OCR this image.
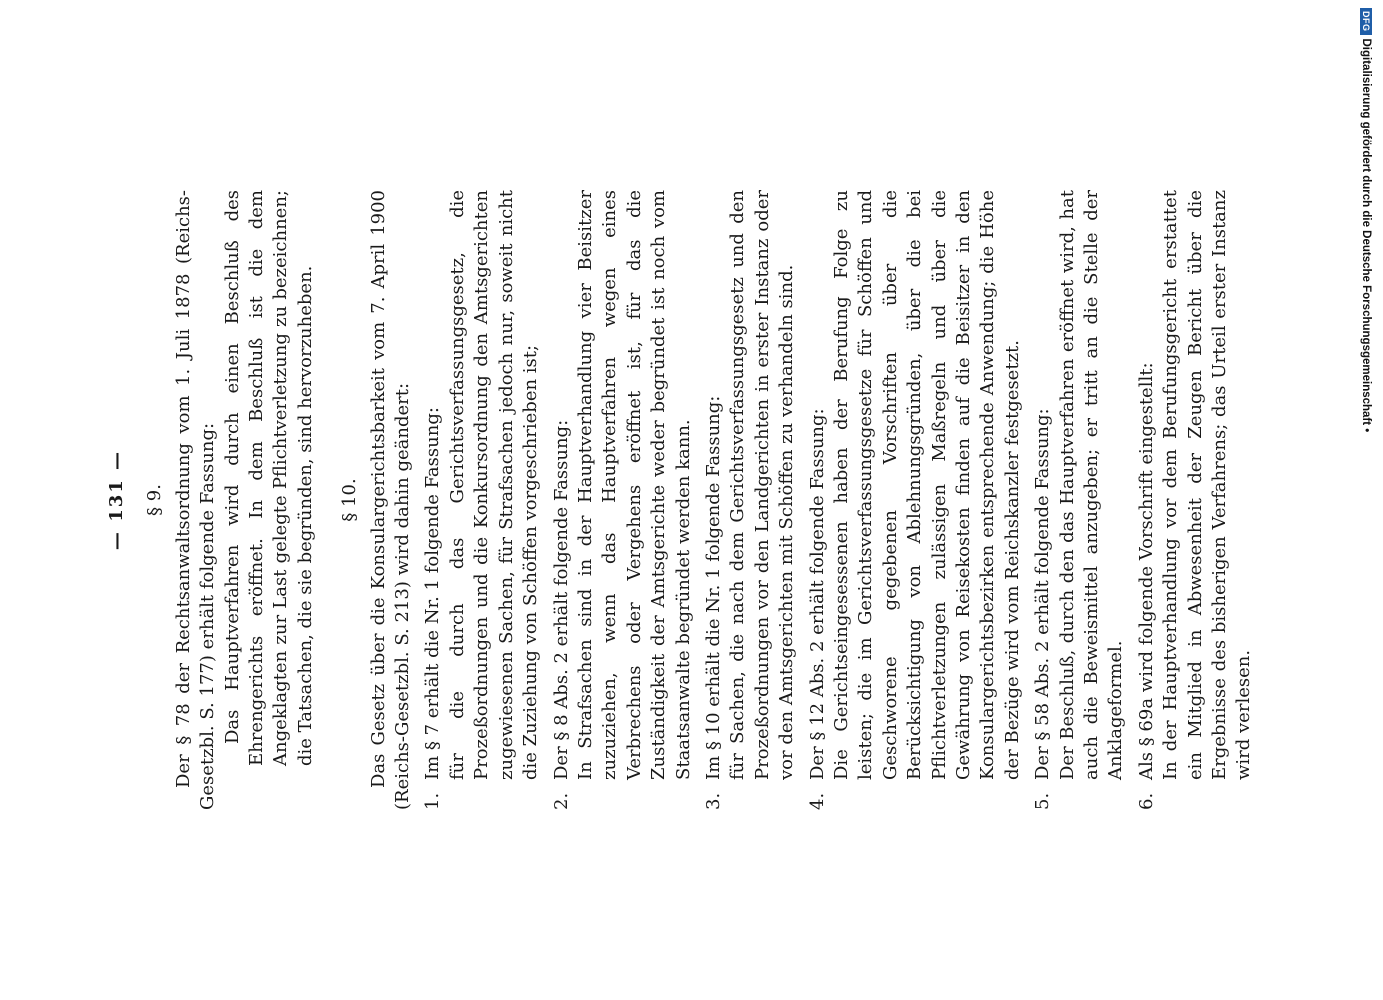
— 131 — § 9. Der § 78 der Rechtsanwaltsordnung vom 1. Juli 1878 (Reichs-Gesetzbl. S. 177) erhält folgende Fassung: Das Hauptverfahren wird durch einen Beschluß des Ehrengerichts eröffnet. In dem Beschluß ist die dem Angeklagten zur Last gelegte Pflichtverletzung zu bezeichnen; die Tatsachen, die sie begründen, sind hervorzuheben. § 10. Das Gesetz über die Konsulargerichtsbarkeit vom 7. April 1900 (Reichs-Gesetzbl. S. 213) wird dahin geändert: 1.Im § 7 erhält die Nr. 1 folgende Fassung: für die durch das Gerichtsverfassungsgesetz, die Prozeßordnungen und die Konkursordnung den Amtsgerichten zugewiesenen Sachen, für Strafsachen jedoch nur, soweit nicht die Zuziehung von Schöffen vorgeschrieben ist;

2.Der § 8 Abs. 2 erhält folgende Fassung: In Strafsachen sind in der Hauptverhandlung vier Beisitzer zuzuziehen, wenn das Hauptverfahren wegen eines Verbrechens oder Vergehens eröffnet ist, für das die Zuständigkeit der Amtsgerichte weder begründet ist noch vom Staatsanwalte begründet werden kann.

3.Im § 10 erhält die Nr. 1 folgende Fassung: für Sachen, die nach dem Gerichtsverfassungsgesetz und den Prozeßordnungen vor den Landgerichten in erster Instanz oder vor den Amtsgerichten mit Schöffen zu verhandeln sind.

4.Der § 12 Abs. 2 erhält folgende Fassung: Die Gerichtseingesessenen haben der Berufung Folge zu leisten; die im Gerichtsverfassungsgesetze für Schöffen und Geschworene gegebenen Vorschriften über die Berücksichtigung von Ablehnungsgründen, über die bei Pflichtverletzungen zulässigen Maßregeln und über die Gewährung von Reisekosten finden auf die Beisitzer in den Konsulargerichtsbezirken entsprechende Anwendung; die Höhe der Bezüge wird vom Reichskanzler festgesetzt.

5.Der § 58 Abs. 2 erhält folgende Fassung: Der Beschluß, durch den das Hauptverfahren eröffnet wird, hat auch die Beweismittel anzugeben; er tritt an die Stelle der Anklageformel.

6.Als § 69a wird folgende Vorschrift eingestellt: In der Hauptverhandlung vor dem Berufungsgericht erstattet ein Mitglied in Abwesenheit der Zeugen Bericht über die Ergebnisse des bisherigen Verfahrens; das Urteil erster Instanz wird verlesen.

DFG
Digitalisierung gefördert durch die Deutsche Forschungsgemeinschaft •
